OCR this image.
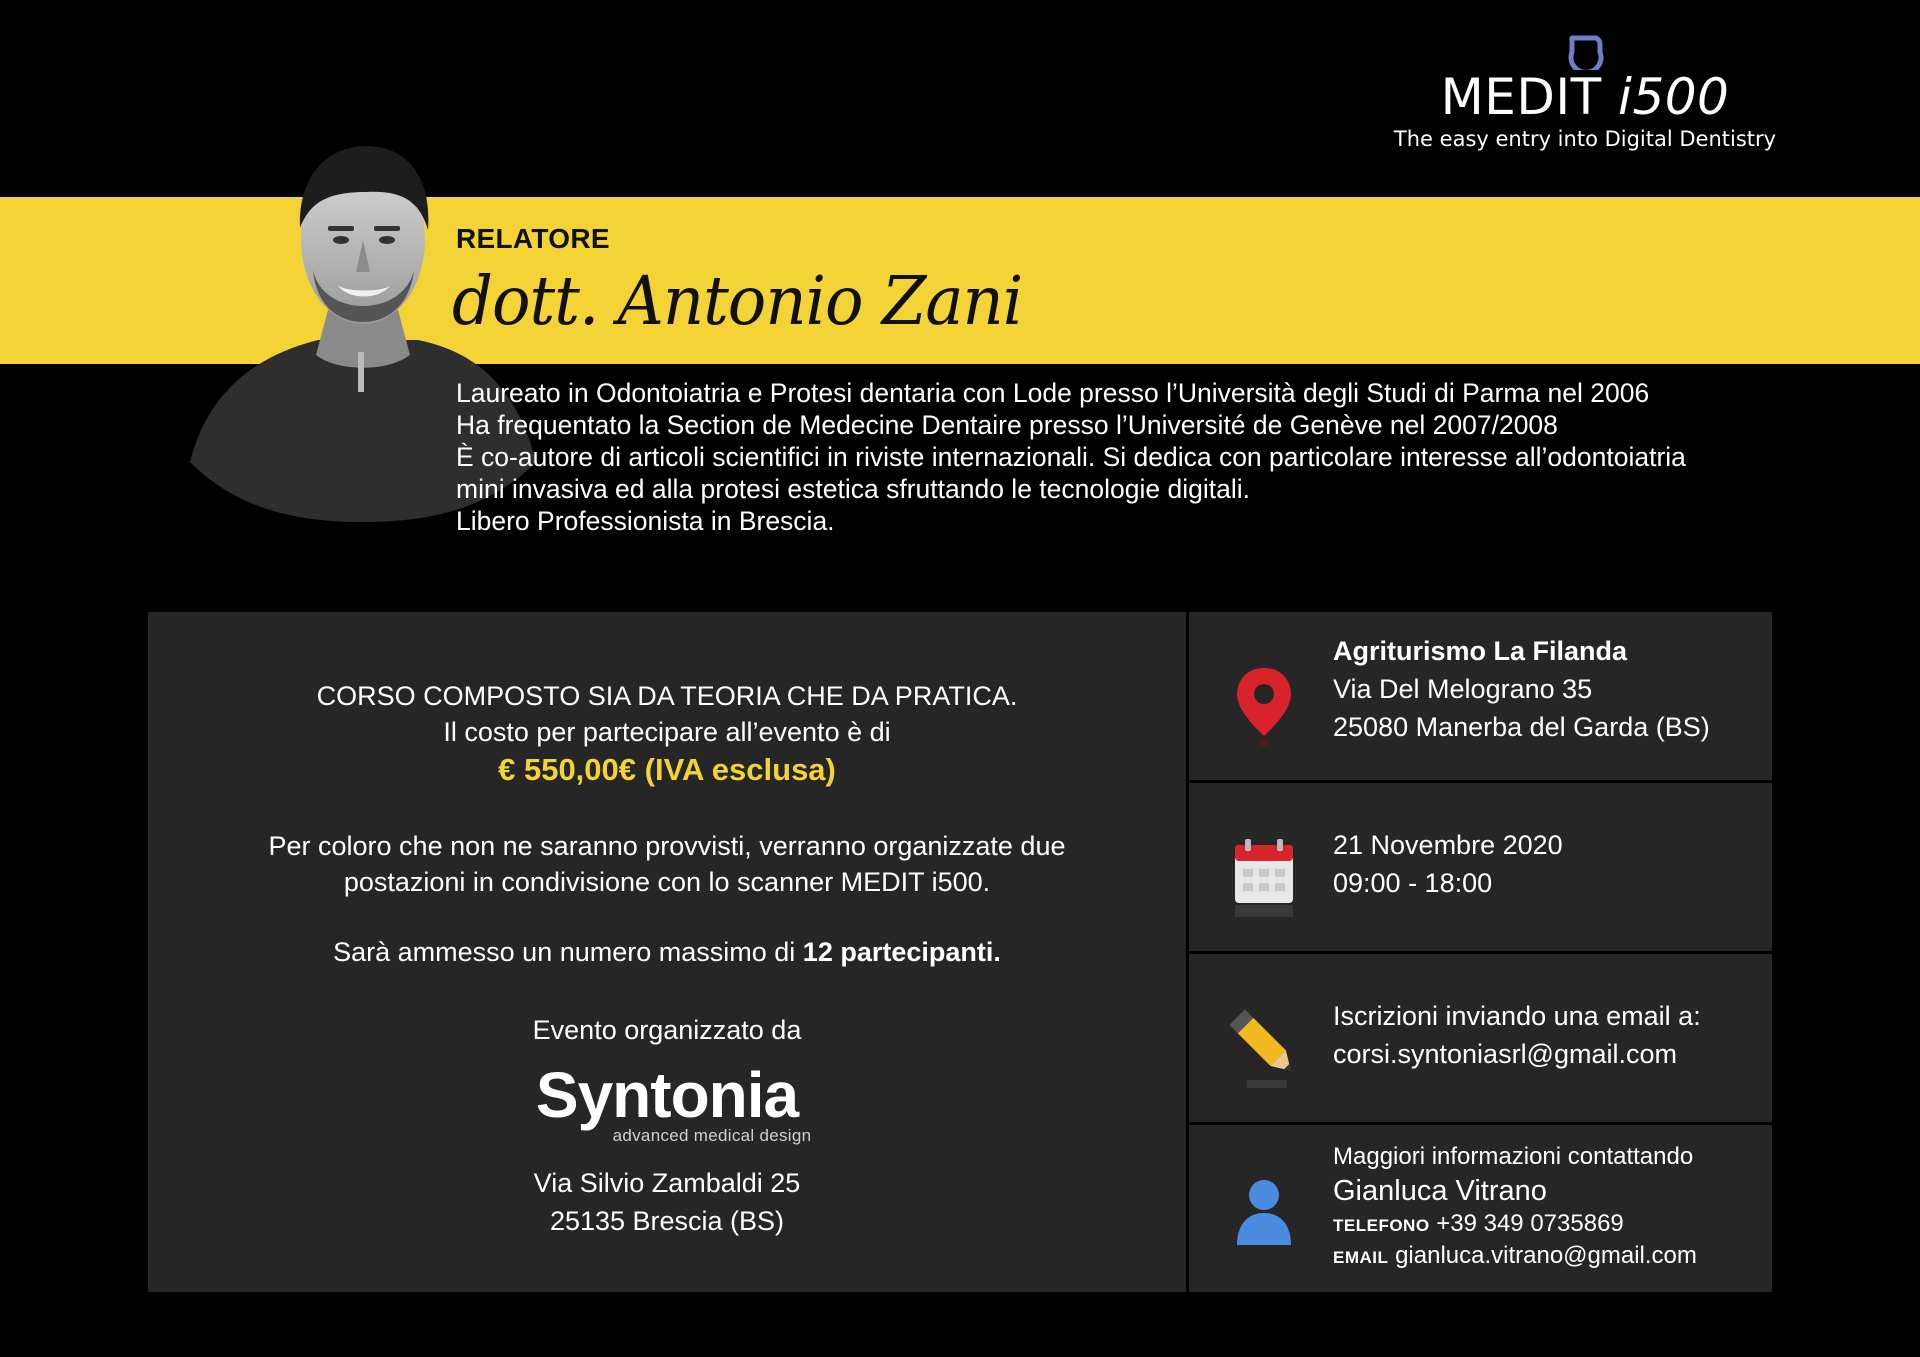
MEDIT i500
The easy entry into Digital Dentistry
RELATORE
dott. Antonio Zani

Laureato in Odontoiatria e Protesi dentaria con Lode presso l’Università degli Studi di Parma nel 2006

Ha frequentato la Section de Medecine Dentaire presso l’Université de Genève nel 2007/2008

È co-autore di articoli scientifici in riviste internazionali. Si dedica con particolare interesse all’odontoiatria

mini invasiva ed alla protesi estetica sfruttando le tecnologie digitali.

Libero Professionista in Brescia.

CORSO COMPOSTO SIA DA TEORIA CHE DA PRATICA.
Il costo per partecipare all’evento è di
€ 550,00€ (IVA esclusa)
Per coloro che non ne saranno provvisti, verranno organizzate due
postazioni in condivisione con lo scanner MEDIT i500.
Sarà ammesso un numero massimo di 12 partecipanti.
Evento organizzato da
Syntonia
advanced medical design
Via Silvio Zambaldi 25
25135 Brescia (BS)
Agriturismo La Filanda
Via Del Melograno 35
25080 Manerba del Garda (BS)
21 Novembre 2020
09:00 - 18:00
Iscrizioni inviando una email a:
corsi.syntoniasrl@gmail.com
Maggiori informazioni contattando
Gianluca Vitrano
TELEFONO +39 349 0735869
EMAIL gianluca.vitrano@gmail.com
